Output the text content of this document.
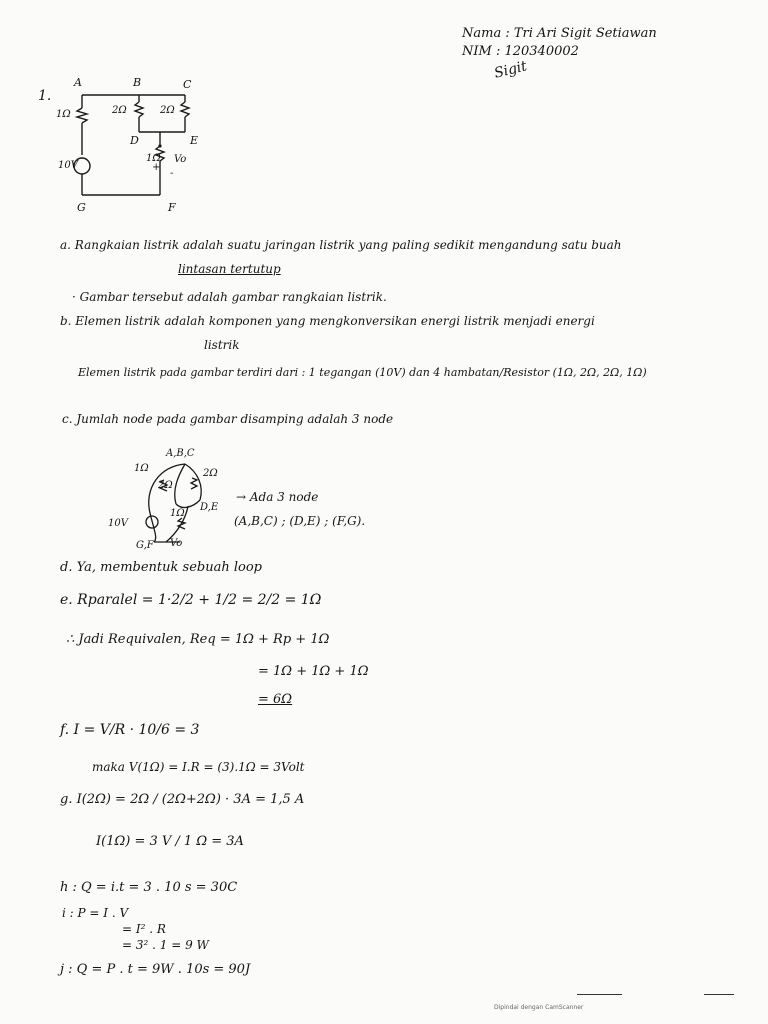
Nama : Tri Ari Sigit Setiawan
NIM : 120340002
Sigit
1.
A	B	C
D	E
F
G
1Ω	2Ω	2Ω
1Ω
10V
Vo
+
-
a. Rangkaian listrik adalah suatu jaringan listrik yang paling sedikit mengandung satu buah
lintasan tertutup
· Gambar tersebut adalah gambar rangkaian listrik.
b. Elemen listrik adalah komponen yang mengkonversikan energi listrik menjadi energi
listrik
Elemen listrik pada gambar terdiri dari : 1 tegangan (10V) dan 4 hambatan/Resistor (1Ω, 2Ω, 2Ω, 1Ω)
c. Jumlah node pada gambar disamping adalah 3 node
A,B,C
1Ω
2Ω
2Ω
1Ω
D,E
10V
G,F Vo
→ Ada 3 node
(A,B,C) ; (D,E) ; (F,G).
d. Ya, membentuk sebuah loop
e. Rparalel = 1·2/2 + 1/2 = 2/2 = 1Ω
∴ Jadi Requivalen, Req = 1Ω + Rp + 1Ω
= 1Ω + 1Ω + 1Ω
= 6Ω
f. I = V/R · 10/6 = 3
maka V(1Ω) = I.R = (3).1Ω = 3Volt
g. I(2Ω) = 2Ω / (2Ω+2Ω) · 3A = 1,5 A
I(1Ω) = 3 V / 1 Ω = 3A
h : Q = i.t = 3 . 10 s = 30C
i : P = I . V
= I² . R
= 3² . 1 = 9 W
j : Q = P . t = 9W . 10s = 90J
Dipindai dengan CamScanner
